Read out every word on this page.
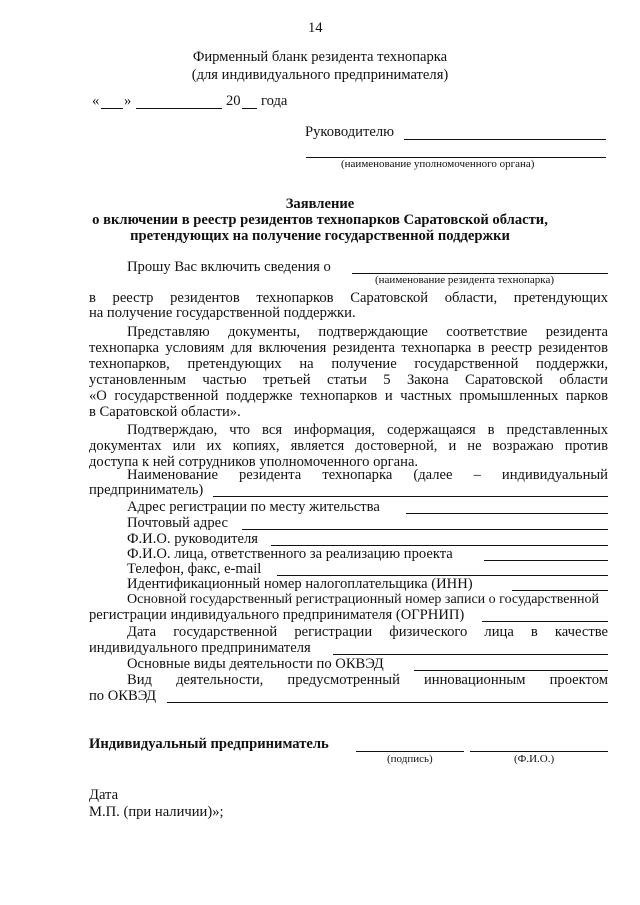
14
Фирменный бланк резидента технопарка
(для индивидуального предпринимателя)
« »	20 года
Руководителю
(наименование уполномоченного органа)
Заявление
о включении в реестр резидентов технопарков Саратовской области,
претендующих на получение государственной поддержки
Прошу Вас включить сведения о
(наименование резидента технопарка)
в реестр резидентов технопарков Саратовской области, претендующих
на получение государственной поддержки.
Представляю документы, подтверждающие соответствие резидента
технопарка условиям для включения резидента технопарка в реестр резидентов
технопарков, претендующих на получение государственной поддержки,
установленным частью третьей статьи 5 Закона Саратовской области
«О государственной поддержке технопарков и частных промышленных парков
в Саратовской области».
Подтверждаю, что вся информация, содержащаяся в представленных
документах или их копиях, является достоверной, и не возражаю против
доступа к ней сотрудников уполномоченного органа.
Наименование резидента технопарка (далее – индивидуальный
предприниматель)
Адрес регистрации по месту жительства
Почтовый адрес
Ф.И.О. руководителя
Ф.И.О. лица, ответственного за реализацию проекта
Телефон, факс, e-mail
Идентификационный номер налогоплательщика (ИНН)
Основной государственный регистрационный номер записи о государственной
регистрации индивидуального предпринимателя (ОГРНИП)
Дата государственной регистрации физического лица в качестве
индивидуального предпринимателя
Основные виды деятельности по ОКВЭД
Вид деятельности, предусмотренный инновационным проектом
по ОКВЭД
Индивидуальный предприниматель
(подпись)	(Ф.И.О.)
Дата
М.П. (при наличии)»;
